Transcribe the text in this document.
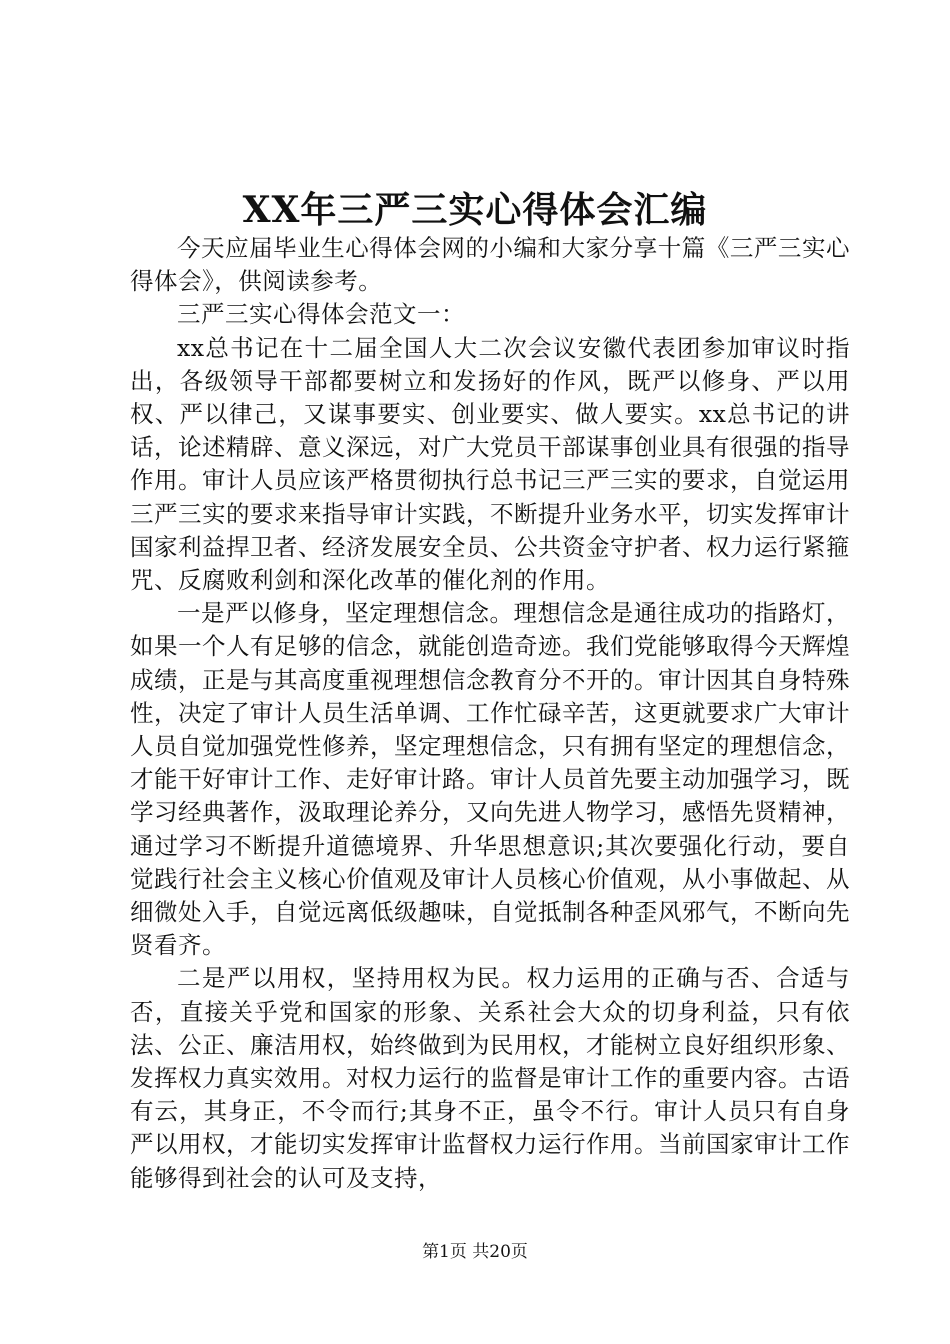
XX年三严三实心得体会汇编

今天应届毕业生心得体会网的小编和大家分享十篇《三严三实心得体会》，供阅读参考。

三严三实心得体会范文一：

xx总书记在十二届全国人大二次会议安徽代表团参加审议时指出，各级领导干部都要树立和发扬好的作风，既严以修身、严以用权、严以律己，又谋事要实、创业要实、做人要实。xx总书记的讲话，论述精辟、意义深远，对广大党员干部谋事创业具有很强的指导作用。审计人员应该严格贯彻执行总书记三严三实的要求，自觉运用三严三实的要求来指导审计实践，不断提升业务水平，切实发挥审计国家利益捍卫者、经济发展安全员、公共资金守护者、权力运行紧箍咒、反腐败利剑和深化改革的催化剂的作用。

一是严以修身，坚定理想信念。理想信念是通往成功的指路灯，如果一个人有足够的信念，就能创造奇迹。我们党能够取得今天辉煌成绩，正是与其高度重视理想信念教育分不开的。审计因其自身特殊性，决定了审计人员生活单调、工作忙碌辛苦，这更就要求广大审计人员自觉加强党性修养，坚定理想信念，只有拥有坚定的理想信念，才能干好审计工作、走好审计路。审计人员首先要主动加强学习，既学习经典著作，汲取理论养分，又向先进人物学习，感悟先贤精神，通过学习不断提升道德境界、升华思想意识;其次要强化行动，要自觉践行社会主义核心价值观及审计人员核心价值观，从小事做起、从细微处入手，自觉远离低级趣味，自觉抵制各种歪风邪气，不断向先贤看齐。

二是严以用权，坚持用权为民。权力运用的正确与否、合适与否，直接关乎党和国家的形象、关系社会大众的切身利益，只有依法、公正、廉洁用权，始终做到为民用权，才能树立良好组织形象、发挥权力真实效用。对权力运行的监督是审计工作的重要内容。古语有云，其身正，不令而行;其身不正，虽令不行。审计人员只有自身严以用权，才能切实发挥审计监督权力运行作用。当前国家审计工作能够得到社会的认可及支持，

第1页 共20页
